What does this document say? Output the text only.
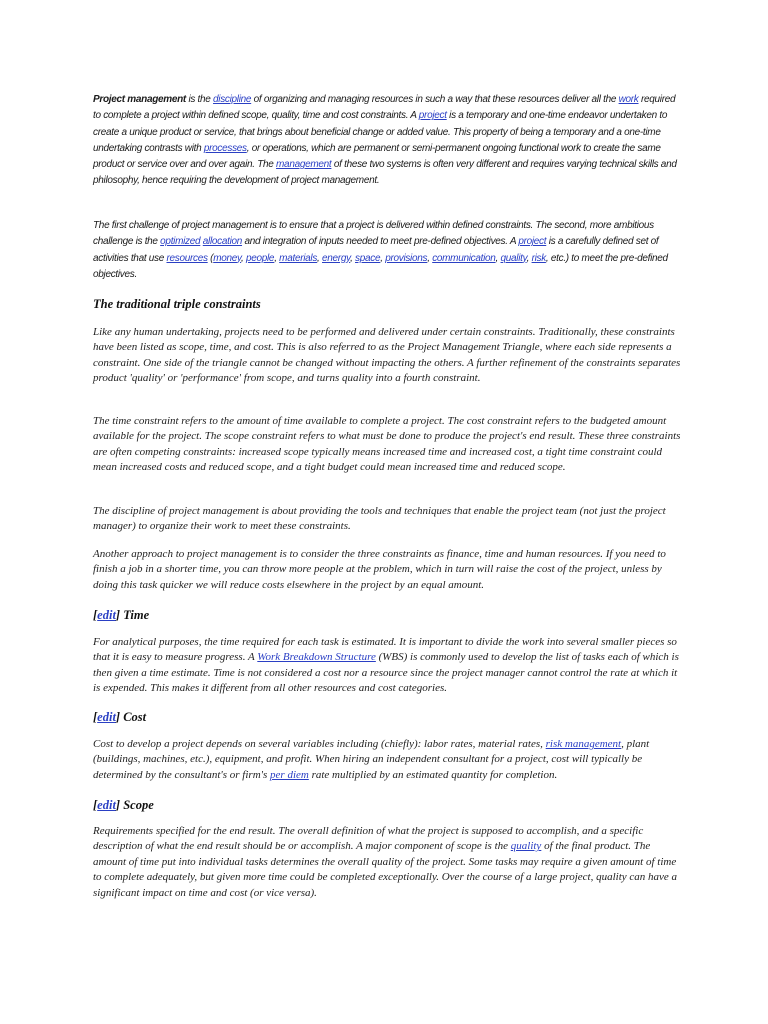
Project management is the discipline of organizing and managing resources in such a way that these resources deliver all the work required to complete a project within defined scope, quality, time and cost constraints. A project is a temporary and one-time endeavor undertaken to create a unique product or service, that brings about beneficial change or added value. This property of being a temporary and a one-time undertaking contrasts with processes, or operations, which are permanent or semi-permanent ongoing functional work to create the same product or service over and over again. The management of these two systems is often very different and requires varying technical skills and philosophy, hence requiring the development of project management.

The first challenge of project management is to ensure that a project is delivered within defined constraints. The second, more ambitious challenge is the optimized allocation and integration of inputs needed to meet pre-defined objectives. A project is a carefully defined set of activities that use resources (money, people, materials, energy, space, provisions, communication, quality, risk, etc.) to meet the pre-defined objectives.

The traditional triple constraints

Like any human undertaking, projects need to be performed and delivered under certain constraints. Traditionally, these constraints have been listed as scope, time, and cost. This is also referred to as the Project Management Triangle, where each side represents a constraint. One side of the triangle cannot be changed without impacting the others. A further refinement of the constraints separates product 'quality' or 'performance' from scope, and turns quality into a fourth constraint.

The time constraint refers to the amount of time available to complete a project. The cost constraint refers to the budgeted amount available for the project. The scope constraint refers to what must be done to produce the project's end result. These three constraints are often competing constraints: increased scope typically means increased time and increased cost, a tight time constraint could mean increased costs and reduced scope, and a tight budget could mean increased time and reduced scope.

The discipline of project management is about providing the tools and techniques that enable the project team (not just the project manager) to organize their work to meet these constraints.

Another approach to project management is to consider the three constraints as finance, time and human resources. If you need to finish a job in a shorter time, you can throw more people at the problem, which in turn will raise the cost of the project, unless by doing this task quicker we will reduce costs elsewhere in the project by an equal amount.

[edit] Time

For analytical purposes, the time required for each task is estimated. It is important to divide the work into several smaller pieces so that it is easy to measure progress. A Work Breakdown Structure (WBS) is commonly used to develop the list of tasks each of which is then given a time estimate. Time is not considered a cost nor a resource since the project manager cannot control the rate at which it is expended. This makes it different from all other resources and cost categories.

[edit] Cost

Cost to develop a project depends on several variables including (chiefly): labor rates, material rates, risk management, plant (buildings, machines, etc.), equipment, and profit. When hiring an independent consultant for a project, cost will typically be determined by the consultant's or firm's per diem rate multiplied by an estimated quantity for completion.

[edit] Scope

Requirements specified for the end result. The overall definition of what the project is supposed to accomplish, and a specific description of what the end result should be or accomplish. A major component of scope is the quality of the final product. The amount of time put into individual tasks determines the overall quality of the project. Some tasks may require a given amount of time to complete adequately, but given more time could be completed exceptionally. Over the course of a large project, quality can have a significant impact on time and cost (or vice versa).
